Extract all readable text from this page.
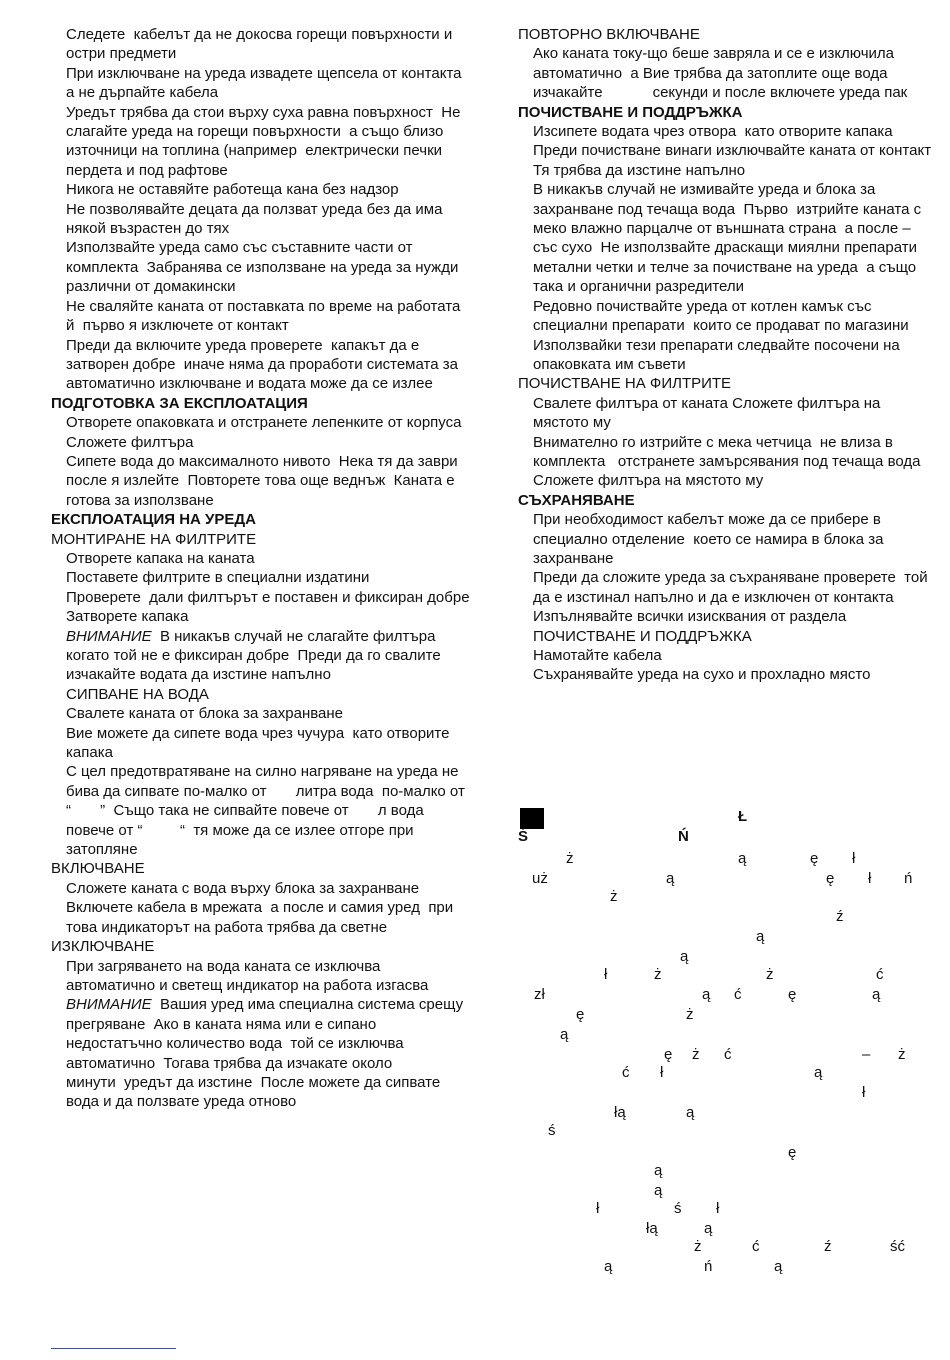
Следете  кабелът да не докосва горещи повърхности и остри предмети

При изключване на уреда извадете щепсела от контакта  а не дърпайте кабела

Уредът трябва да стои върху суха равна повърхност  Не слагайте уреда на горещи повърхности  а също близо източници на топлина (например  електрически печки   пердета и под рафтове

Никога не оставяйте работеща кана без надзор

Не позволявайте децата да ползват уреда без да има някой възрастен до тях

Използвайте уреда само със съставните части от комплекта  Забранява се използване на уреда за нужди  различни от домакински

Не сваляйте каната от поставката по време на работата й  първо я изключете от контакт

Преди да включите уреда проверете  капакът да е затворен добре  иначе няма да проработи системата за автоматично изключване и водата може да се излее

ПОДГОТОВКА ЗА ЕКСПЛОАТАЦИЯ

Отворете опаковката и отстранете лепенките от корпуса

Сложете филтъра

Сипете вода до максималното нивото  Нека тя да заври  после я излейте  Повторете това още веднъж  Каната е готова за използване

ЕКСПЛОАТАЦИЯ НА УРЕДА

МОНТИРАНЕ НА ФИЛТРИТЕ

Отворете капака на каната

Поставете филтрите в специални издатини

Проверете  дали филтърът е поставен и фиксиран добре  Затворете капака

ВНИМАНИЕ  В никакъв случай не слагайте филтъра  когато той не е фиксиран добре  Преди да го свалите  изчакайте водата да изстине напълно

СИПВАНЕ НА ВОДА

Свалете каната от блока за захранване

Вие можете да сипете вода чрез чучура  като отворите капака

С цел предотвратяване на силно нагряване на уреда не бива да сипвате по-малко от       литра вода  по-малко от “       ”  Също така не сипвайте повече от       л вода  повече от “         “  тя може да се излее отгоре при затопляне

ВКЛЮЧВАНЕ

Сложете каната с вода върху блока за захранване

Включете кабела в мрежата  а после и самия уред  при това индикаторът на работа трябва да светне

ИЗКЛЮЧВАНЕ

При загряването на вода каната се изключва автоматично и светещ индикатор на работа изгасва

ВНИМАНИЕ  Вашия уред има специална система срещу прегряване  Ако в каната няма или е сипано недостатъчно количество вода  той се изключва автоматично  Тогава трябва да изчакате около       минути  уредът да изстине  После можете да сипвате вода и да ползвате уреда отново

ПОВТОРНО ВКЛЮЧВАНЕ

Ако каната току-що беше завряла и се е изключила автоматично  а Вие трябва да затоплите още вода  изчакайте            секунди и после включете уреда пак

ПОЧИСТВАНЕ И ПОДДРЪЖКА

Изсипете водата чрез отвора  като отворите капака

Преди почистване винаги изключвайте каната от контакт  Тя трябва да изстине напълно

В никакъв случай не измивайте уреда и блока за захранване под течаща вода  Първо  изтрийте каната с меко влажно парцалче от външната страна  а после – със сухо  Не използвайте драскащи миялни препарати  метални четки и телче за почистване на уреда  а също така и органични разредители

Редовно почиствайте уреда от котлен камък със специални препарати  които се продават по магазини  Използвайки тези препарати следвайте посочени на опаковката им съвети

ПОЧИСТВАНЕ НА ФИЛТРИТЕ

Свалете филтъра от каната Сложете филтъра на мястото му

Внимателно го изтрийте с мека четчица  не влиза в комплекта   отстранете замърсявания под течаща вода

Сложете филтъра на мястото му

СЪХРАНЯВАНЕ

При необходимост кабелът може да се прибере в специално отделение  което се намира в блока за захранване

Преди да сложите уреда за съхраняване проверете  той да е изстинал напълно и да е изключен от контакта

Изпълнявайте всички изисквания от раздела ПОЧИСТВАНЕ И ПОДДРЪЖКА

Намотайте кабела

Съхранявайте уреда на сухо и прохладно място

Ł
Ś	Ń
ż	ą	ę ł
uż	ą	ę ł ń
ż
ź
ą
ą
ł	ż	ż	ć
zł	ą ć	ę	ą
ę	ż
ą
ę ż ć	– ż
ć ł	ą
ł
łą	ą
ś
ę
ą
ą
ł	ś ł
łą	ą
ż	ć	ź	ść
ą	ń	ą
